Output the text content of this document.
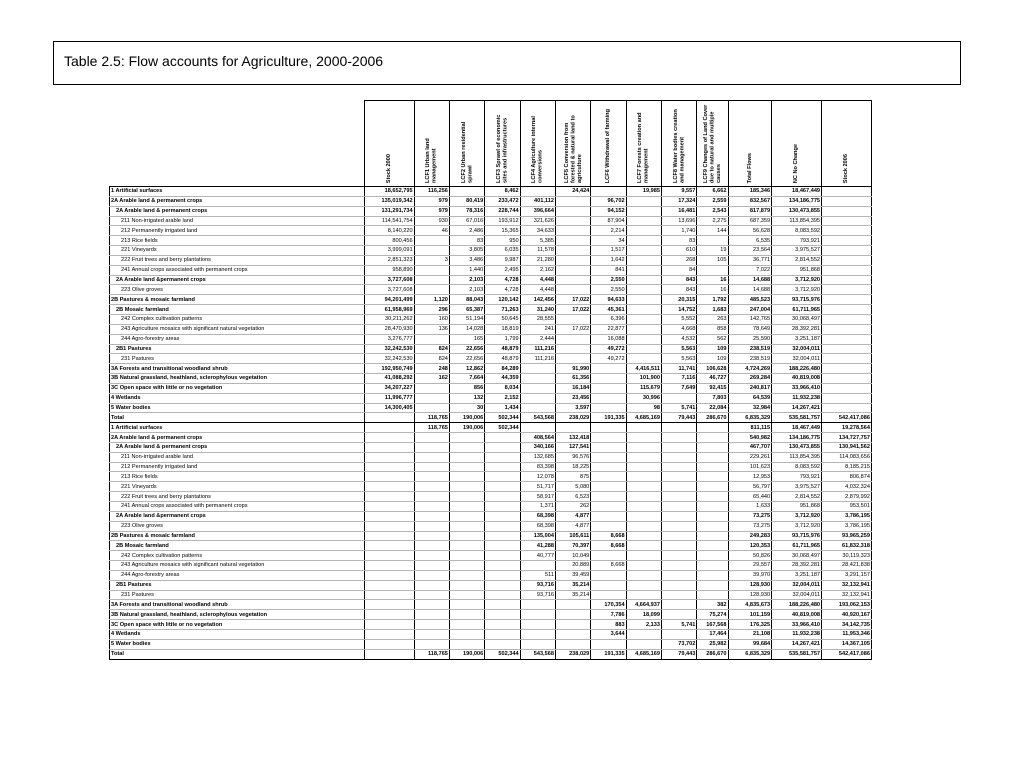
Table 2.5: Flow accounts for Agriculture, 2000-2006
	Stock 2000	LCF1 Urban land management	LCF2 Urban residential sprawl	LCF3 Sprawl of economic sites and infrastructures	LCF4 Agriculture internal conversions	LCF5 Conversion from forested & natural land to agriculture	LCF6 Withdrawal of farming	LCF7 Forests creation and management	LCF8 Water bodies creation and management	LCF9 Changes of Land Cover due to natural and multiple causes	Total Flows	NC No Change	Stock 2006
1 Artificial surfaces	18,652,795	116,256		8,462		24,424		19,985	9,557	6,662	185,346	18,467,449	
2A Arable land & permanent crops	135,019,342	979	80,419	233,472	401,112		96,702		17,324	2,559	832,567	134,186,775	
2A Arable land & permanent crops	131,291,734	979	78,316	228,744	396,664		94,152		16,481	2,543	817,879	130,473,855	
211 Non-irrigated arable land	114,541,754	930	67,016	193,912	321,626		87,904		13,696	2,275	687,359	113,854,395	
212 Permanently irrigated land	8,140,220	46	2,486	15,365	34,633		2,214		1,740	144	56,628	8,083,592	
213 Rice fields	800,456		83	950	5,385		34		83		6,535	793,921	
221 Vineyards	3,999,091		3,805	6,035	11,578		1,517		610	19	23,564	3,975,527	
222 Fruit trees and berry plantations	2,851,323	3	3,486	9,987	21,280		1,642		268	105	36,771	2,814,552	
241 Annual crops associated with permanent crops	958,890		1,440	2,495	2,162		841		84		7,022	951,868	
2A Arable land &permanent crops	3,727,608		2,103	4,728	4,448		2,550		843	16	14,688	3,712,920	
223 Olive groves	3,727,608		2,103	4,728	4,448		2,550		843	16	14,688	3,712,920	
2B Pastures & mosaic farmland	94,201,499	1,120	88,043	120,142	142,456	17,022	94,633		20,315	1,792	485,523	93,715,976	
2B Mosaic farmland	61,958,969	296	65,387	71,263	31,240	17,022	45,361		14,752	1,683	247,004	61,711,965	
242 Complex cultivation patterns	30,211,262	160	51,194	50,645	28,555		6,396		5,552	263	142,765	30,068,497	
243 Agriculture mosaics with significant natural vegetation	28,470,930	136	14,028	18,819	241	17,022	22,877		4,668	858	78,649	28,392,281	
244 Agro-forestry areas	3,276,777		165	1,799	2,444		16,088		4,532	562	25,590	3,251,187	
2B1 Pastures	32,242,530	824	22,656	48,879	111,216		49,272		5,563	109	238,519	32,004,011	
231 Pastures	32,242,530	824	22,656	48,879	111,216		49,272		5,563	109	238,519	32,004,011	
3A Forests and transitional woodland shrub	192,950,749	248	12,862	84,289		91,990		4,416,511	11,741	106,628	4,724,269	188,226,480	
3B Natural grassland, heathland, sclerophylous vegetation	41,088,292	162	7,664	44,359		61,356		101,900	7,116	46,727	269,284	40,819,008	
3C Open space with little or no vegetation	34,207,227		856	8,034		16,184		115,679	7,649	92,415	240,817	33,966,410	
4 Wetlands	11,996,777		132	2,152		23,456		30,996		7,803	64,539	11,932,238	
5 Water bodies	14,300,405		30	1,434		3,597		98	5,741	22,084	32,984	14,267,421	
Total		118,765	190,006	502,344	543,568	238,029	191,335	4,685,169	79,443	286,670	6,835,329	535,581,757	542,417,086
1 Artificial surfaces		118,765	190,006	502,344							811,115	18,467,449	19,278,564
2A Arable land & permanent crops					408,564	132,418					540,982	134,186,775	134,727,757
2A Arable land & permanent crops					340,166	127,541					467,707	130,473,855	130,941,562
211 Non-irrigated arable land					132,685	96,576					229,261	113,854,395	114,083,656
212 Permanently irrigated land					83,398	18,225					101,623	8,083,592	8,185,215
213 Rice fields					12,078	875					12,953	793,921	806,874
221 Vineyards					51,717	5,080					56,797	3,975,527	4,032,324
222 Fruit trees and berry plantations					58,917	6,523					65,440	2,814,552	2,879,992
241 Annual crops associated with permanent crops					1,371	262					1,633	951,868	953,501
2A Arable land &permanent crops					68,398	4,877					73,275	3,712,920	3,786,195
223 Olive groves					68,398	4,877					73,275	3,712,920	3,786,195
2B Pastures & mosaic farmland					135,004	105,611	8,668				249,283	93,715,976	93,965,259
2B Mosaic farmland					41,288	70,397	8,668				120,353	61,711,965	61,832,318
242 Complex cultivation patterns					40,777	10,049					50,826	30,068,497	30,119,323
243 Agriculture mosaics with significant natural vegetation						20,889	8,668				29,557	28,392,281	28,421,838
244 Agro-forestry areas					511	39,459					39,970	3,251,187	3,291,157
2B1 Pastures					93,716	35,214					128,930	32,004,011	32,132,941
231 Pastures					93,716	35,214					128,930	32,004,011	32,132,941
3A Forests and transitional woodland shrub							170,354	4,664,937		382	4,835,673	188,226,480	193,062,153
3B Natural grassland, heathland, sclerophylous vegetation							7,786	18,099		75,274	101,159	40,819,008	40,920,167
3C Open space with little or no vegetation							883	2,133	5,741	167,568	176,325	33,966,410	34,142,735
4 Wetlands							3,644			17,464	21,108	11,932,238	11,953,346
5 Water bodies									73,702	25,982	99,684	14,267,421	14,367,105
Total		118,765	190,006	502,344	543,568	238,029	191,335	4,685,169	79,443	286,670	6,835,329	535,581,757	542,417,086
